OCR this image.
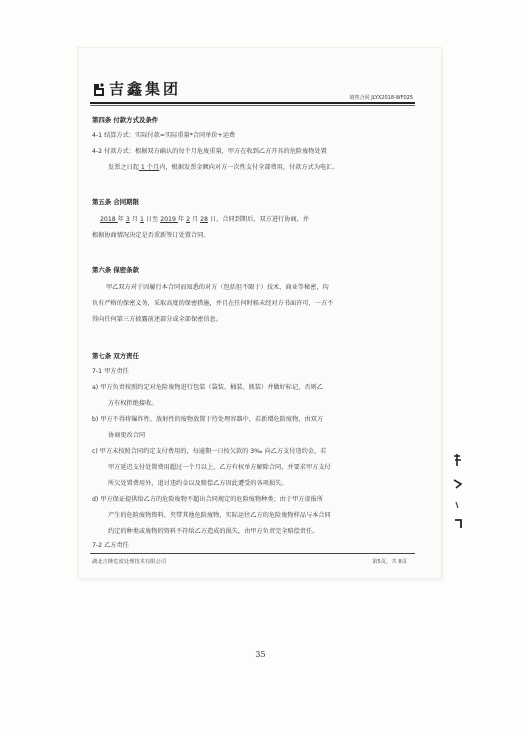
吉鑫集团	销售合同 JLYX2018-WF025
第四条 付款方式及条件
4-1 结算方式：实际付款=实际重量*合同单价+运费
4-2 付款方式：根据双方确认的每个月危废重量，甲方在收到乙方开具的危险废物处置
发票之日起 1 个月内，根据发票金额向对方一次性支付全部费用，付款方式为电汇。
第五条 合同期限
2018 年 3 月 1 日至 2019 年 2 月 28 日，合同到期后，双方进行协商，并
根据协商情况决定是否重新签订处置合同。
第六条 保密条款
甲乙双方对于因履行本合同而知悉的对方（包括但不限于）技术、商业等秘密，均
负有严格的保密义务，采取高度的保密措施，并且在任何时候未经对方书面许可，一方不
得向任何第三方披露前述部分或全部保密信息。
第七条 双方责任
7-1 甲方责任
a) 甲方负责按照约定对危险废物进行包装（袋装、桶装、瓶装）并做好标记，否则乙
方有权拒绝接收。
b) 甲方不得将爆炸性、放射性的废物放置于待处理容器中，若新增危险废物，由双方
协商更改合同
c) 甲方未按照合同约定支付费用的，每逾期一日按欠款的 3‰ 向乙方支付违约金，若
甲方延迟支付处置费用超过一个月以上，乙方有权单方解除合同，并要求甲方支付
所欠处置费用外，追讨违约金以及赔偿乙方因此遭受的各项损失。
d) 甲方保证提供给乙方的危险废物不超出合同规定的危险废物种类；由于甲方虚报所
产生的危险废物资料、夹带其他危险废物，实际运往乙方的危险废物样品与本合同
约定的种类或废物的资料不符给乙方造成的损失，由甲方负责完全赔偿责任。
7-2 乙方责任
湖北吉隆危废处理技术有限公司	第5页，共 8页
35
